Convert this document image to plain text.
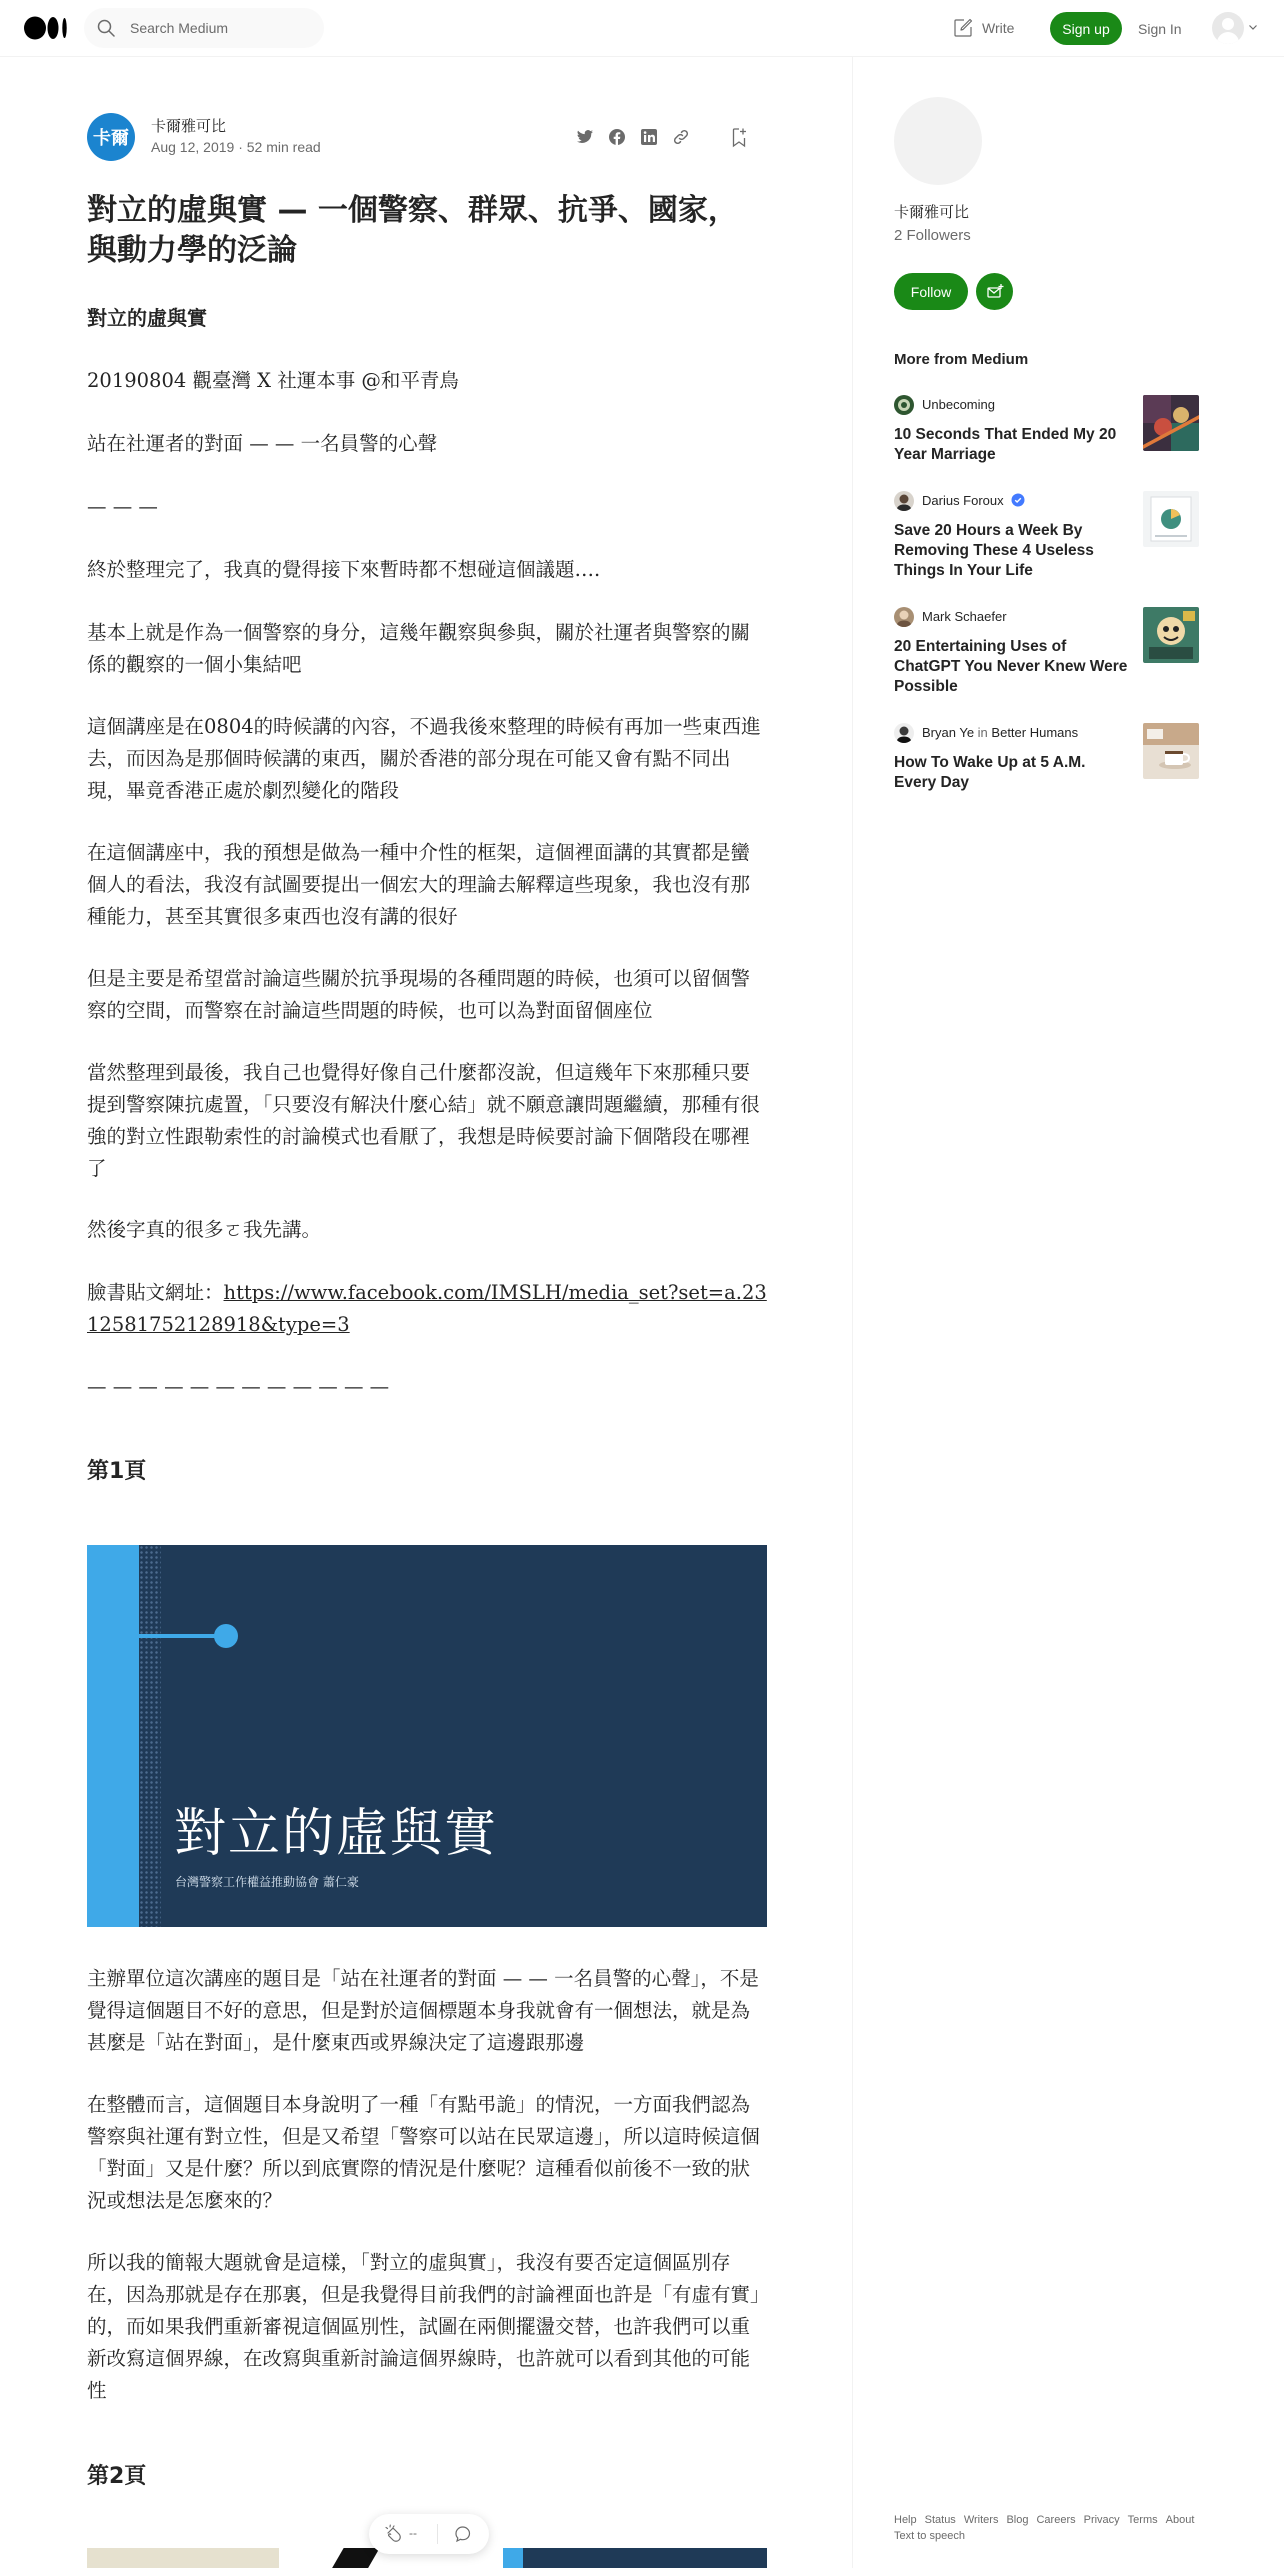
Search Medium
Write	Sign up	Sign In
卡爾
卡爾雅可比
Aug 12, 2019 · 52 min read
對立的虛與實 — 一個警察、群眾、抗爭、國家，與動力學的泛論
對立的虛與實

20190804 觀臺灣 X 社運本事 @和平青鳥

站在社運者的對面 — — 一名員警的心聲

— — —

終於整理完了，我真的覺得接下來暫時都不想碰這個議題….

基本上就是作為一個警察的身分，這幾年觀察與參與，關於社運者與警察的關係的觀察的一個小集結吧

這個講座是在0804的時候講的內容，不過我後來整理的時候有再加一些東西進去，而因為是那個時候講的東西，關於香港的部分現在可能又會有點不同出現，畢竟香港正處於劇烈變化的階段

在這個講座中，我的預想是做為一種中介性的框架，這個裡面講的其實都是蠻個人的看法，我沒有試圖要提出一個宏大的理論去解釋這些現象，我也沒有那種能力，甚至其實很多東西也沒有講的很好

但是主要是希望當討論這些關於抗爭現場的各種問題的時候，也須可以留個警察的空間，而警察在討論這些問題的時候，也可以為對面留個座位

當然整理到最後，我自己也覺得好像自己什麼都沒說，但這幾年下來那種只要提到警察陳抗處置，「只要沒有解決什麼心結」就不願意讓問題繼續，那種有很強的對立性跟勒索性的討論模式也看厭了，我想是時候要討論下個階段在哪裡了

然後字真的很多ㄛ我先講。

臉書貼文網址：https://www.facebook.com/IMSLH/media_set?set=a.2312581752128918&type=3

— — — — — — — — — — — —

第1頁
對立的虛與實
台灣警察工作權益推動協會 蕭仁豪

主辦單位這次講座的題目是「站在社運者的對面 — — 一名員警的心聲」，不是覺得這個題目不好的意思，但是對於這個標題本身我就會有一個想法，就是為甚麼是「站在對面」，是什麼東西或界線決定了這邊跟那邊

在整體而言，這個題目本身說明了一種「有點弔詭」的情況，一方面我們認為警察與社運有對立性，但是又希望「警察可以站在民眾這邊」，所以這時候這個「對面」又是什麼？所以到底實際的情況是什麼呢？這種看似前後不一致的狀況或想法是怎麼來的？

所以我的簡報大題就會是這樣，「對立的虛與實」，我沒有要否定這個區別存在，因為那就是存在那裏，但是我覺得目前我們的討論裡面也許是「有虛有實」的，而如果我們重新審視這個區別性，試圖在兩側擺盪交替，也許我們可以重新改寫這個界線，在改寫與重新討論這個界線時，也許就可以看到其他的可能性

第2頁
--
卡爾雅可比
2 Followers
Follow
More from Medium
Unbecoming
10 Seconds That Ended My 20 Year Marriage
Darius Foroux
Save 20 Hours a Week By Removing These 4 Useless Things In Your Life
Mark Schaefer
20 Entertaining Uses of ChatGPT You Never Knew Were Possible
Bryan Ye in Better Humans
How To Wake Up at 5 A.M. Every Day
Help Status Writers Blog Careers Privacy Terms AboutText to speech
